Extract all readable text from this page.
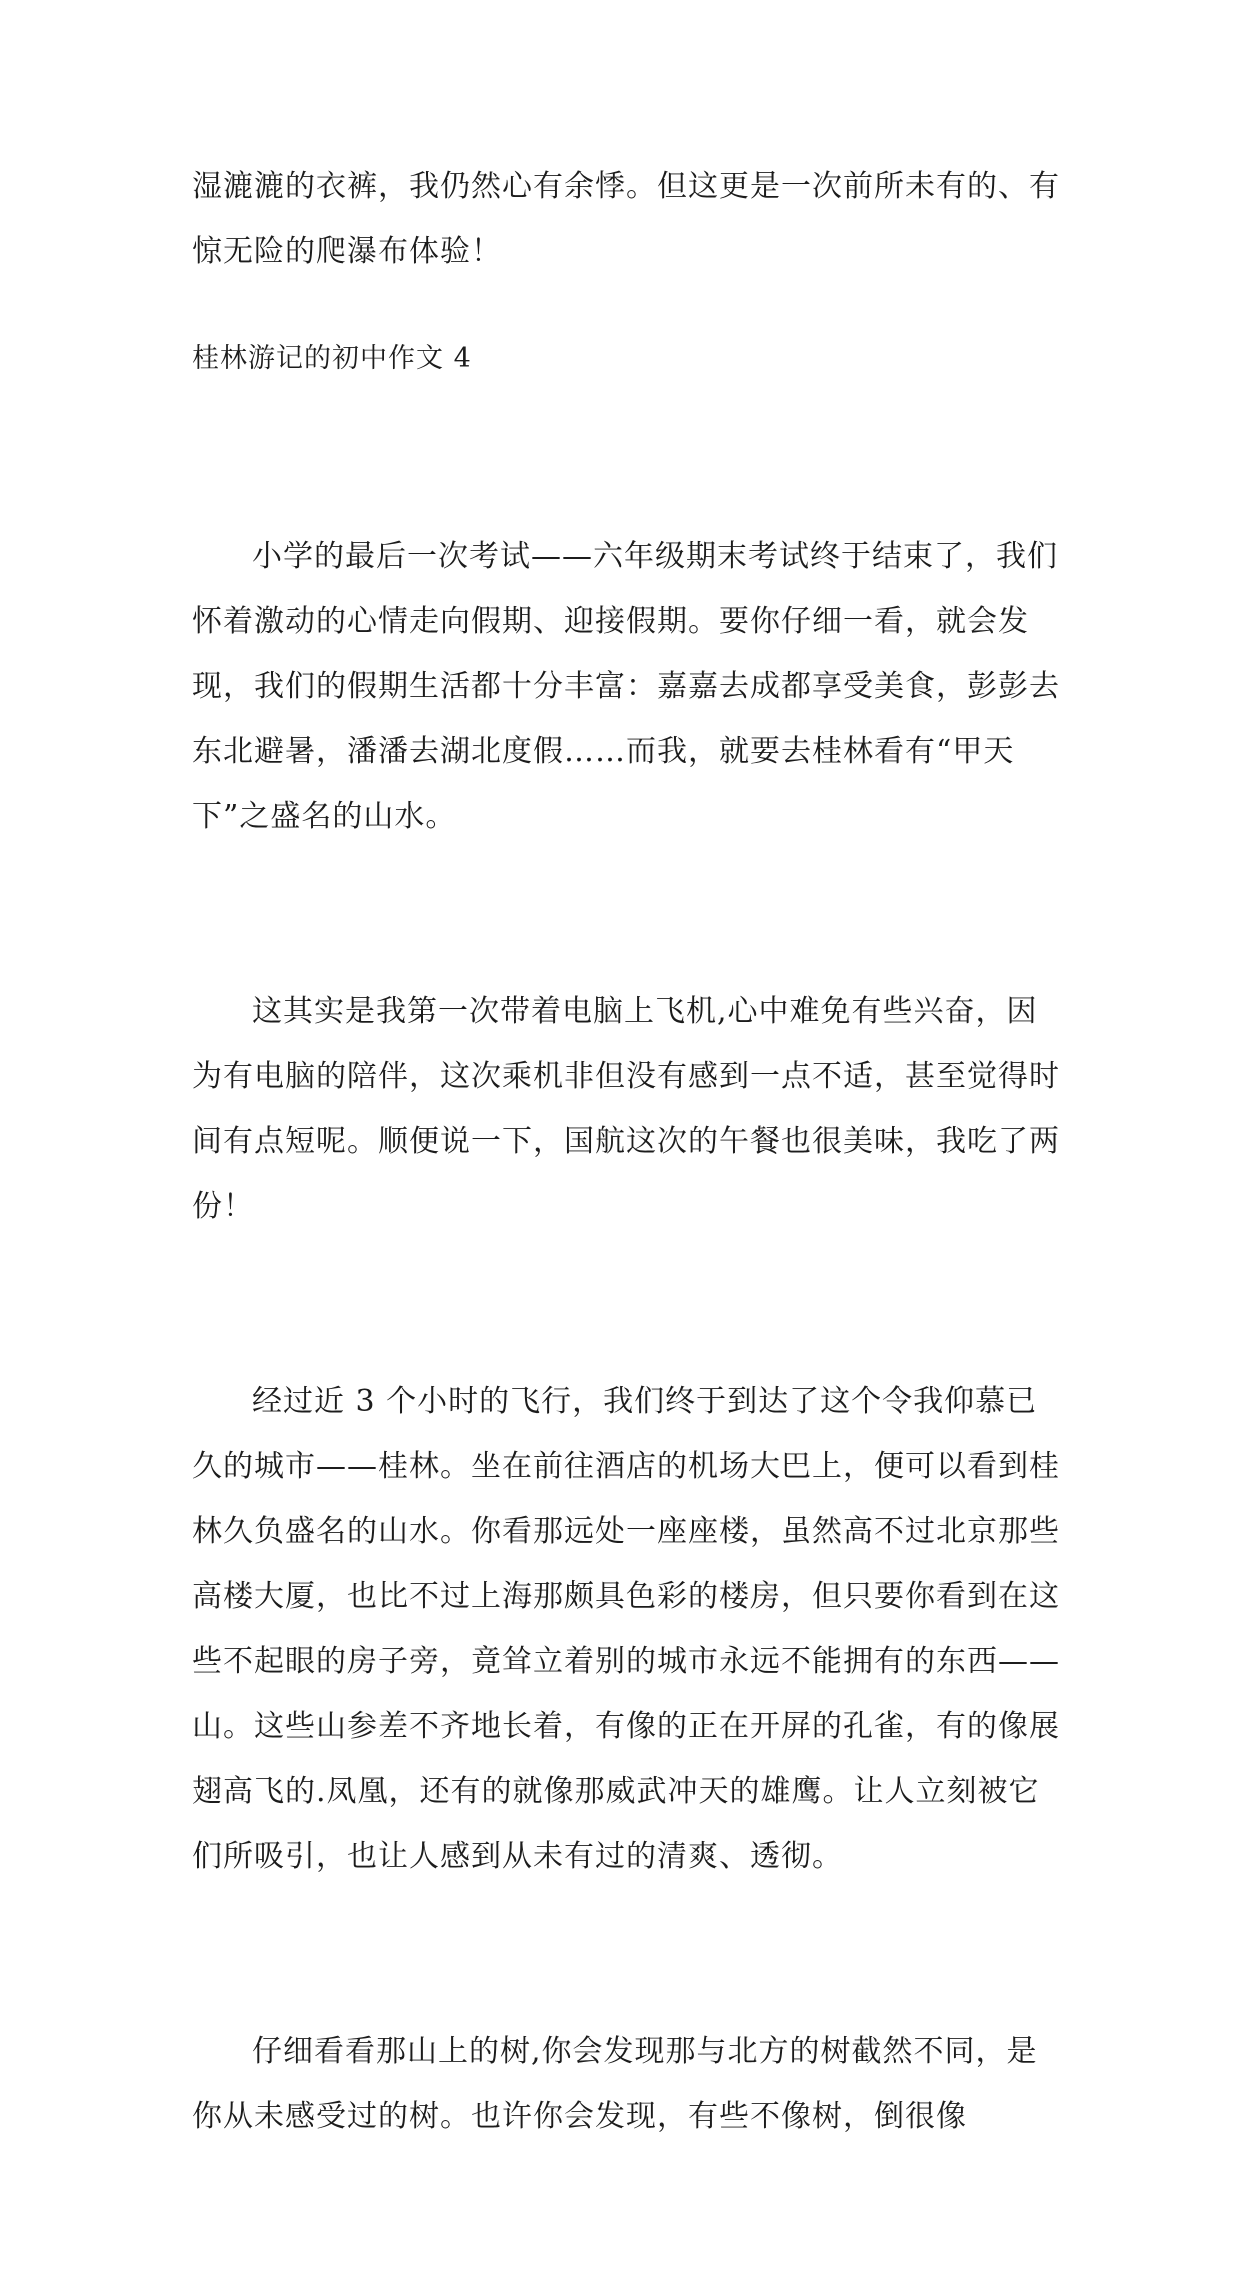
湿漉漉的衣裤，我仍然心有余悸。但这更是一次前所未有的、有惊无险的爬瀑布体验！
桂林游记的初中作文 4

小学的最后一次考试——六年级期末考试终于结束了，我们怀着激动的心情走向假期、迎接假期。要你仔细一看，就会发现，我们的假期生活都十分丰富：嘉嘉去成都享受美食，彭彭去东北避暑，潘潘去湖北度假……而我，就要去桂林看有“甲天下”之盛名的山水。

这其实是我第一次带着电脑上飞机,心中难免有些兴奋，因为有电脑的陪伴，这次乘机非但没有感到一点不适，甚至觉得时间有点短呢。顺便说一下，国航这次的午餐也很美味，我吃了两份！

经过近 3 个小时的飞行，我们终于到达了这个令我仰慕已久的城市——桂林。坐在前往酒店的机场大巴上，便可以看到桂林久负盛名的山水。你看那远处一座座楼，虽然高不过北京那些高楼大厦，也比不过上海那颇具色彩的楼房，但只要你看到在这些不起眼的房子旁，竟耸立着别的城市永远不能拥有的东西——山。这些山参差不齐地长着，有像的正在开屏的孔雀，有的像展翅高飞的.凤凰，还有的就像那威武冲天的雄鹰。让人立刻被它们所吸引，也让人感到从未有过的清爽、透彻。

仔细看看那山上的树,你会发现那与北方的树截然不同，是你从未感受过的树。也许你会发现，有些不像树，倒很像
